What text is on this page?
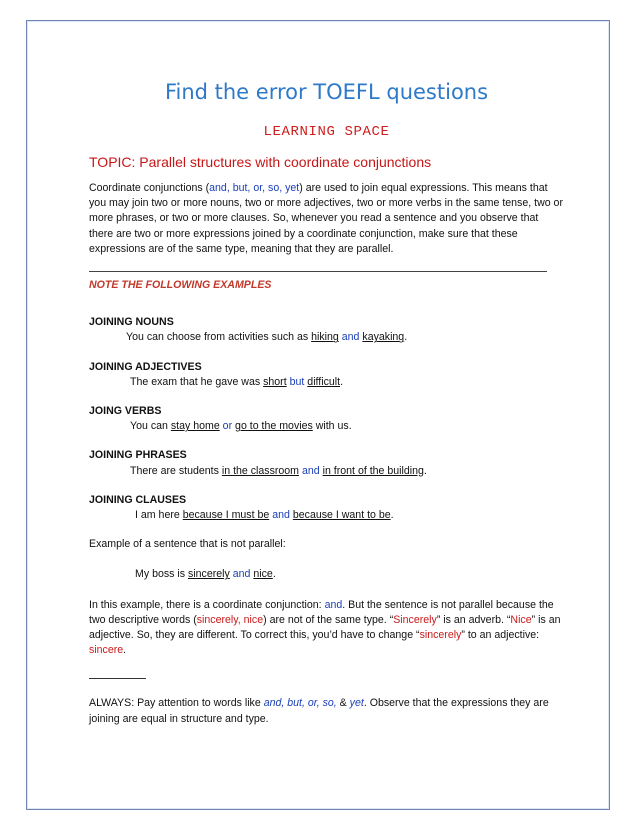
Find the error TOEFL questions
LEARNING SPACE
TOPIC: Parallel structures with coordinate conjunctions

Coordinate conjunctions (and, but, or, so, yet) are used to join equal expressions. This means that you may join two or more nouns, two or more adjectives, two or more verbs in the same tense, two or more phrases, or two or more clauses. So, whenever you read a sentence and you observe that there are two or more expressions joined by a coordinate conjunction, make sure that these expressions are of the same type, meaning that they are parallel.

NOTE THE FOLLOWING EXAMPLES
JOINING NOUNS
You can choose from activities such as hiking and kayaking.
JOINING ADJECTIVES
The exam that he gave was short but difficult.
JOING VERBS
You can stay home or go to the movies with us.
JOINING PHRASES
There are students in the classroom and in front of the building.
JOINING CLAUSES
I am here because I must be and because I want to be.
Example of a sentence that is not parallel:
My boss is sincerely and nice.

In this example, there is a coordinate conjunction: and. But the sentence is not parallel because the two descriptive words (sincerely, nice) are not of the same type. “Sincerely” is an adverb. “Nice” is an adjective. So, they are different. To correct this, you’d have to change “sincerely” to an adjective: sincere.

ALWAYS: Pay attention to words like and, but, or, so, & yet. Observe that the expressions they are joining are equal in structure and type.
